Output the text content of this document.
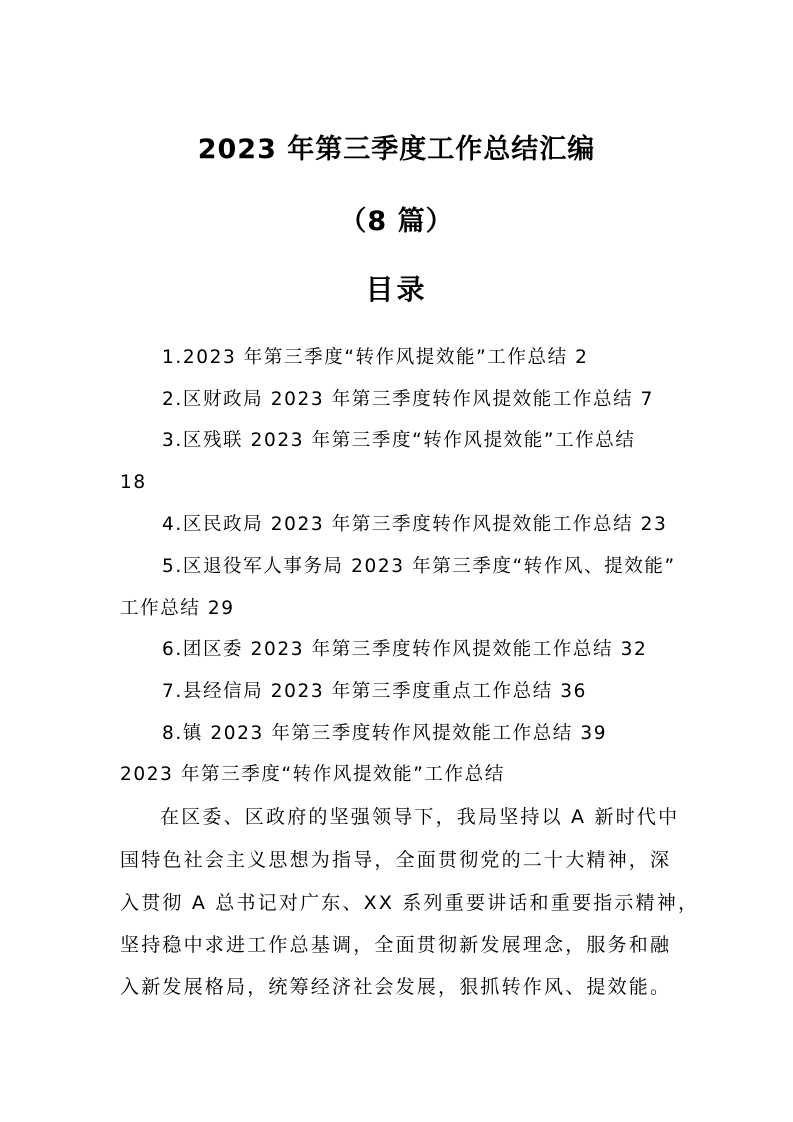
2023 年第三季度工作总结汇编
（8 篇）
目录
1.2023 年第三季度“转作风提效能”工作总结 2
2.区财政局 2023 年第三季度转作风提效能工作总结 7
3.区残联 2023 年第三季度“转作风提效能”工作总结
18
4.区民政局 2023 年第三季度转作风提效能工作总结 23
5.区退役军人事务局 2023 年第三季度“转作风、提效能”
工作总结 29
6.团区委 2023 年第三季度转作风提效能工作总结 32
7.县经信局 2023 年第三季度重点工作总结 36
8.镇 2023 年第三季度转作风提效能工作总结 39
2023 年第三季度“转作风提效能”工作总结
在区委、区政府的坚强领导下，我局坚持以 A 新时代中
国特色社会主义思想为指导，全面贯彻党的二十大精神，深
入贯彻 A 总书记对广东、XX 系列重要讲话和重要指示精神，
坚持稳中求进工作总基调，全面贯彻新发展理念，服务和融
入新发展格局，统筹经济社会发展，狠抓转作风、提效能。
